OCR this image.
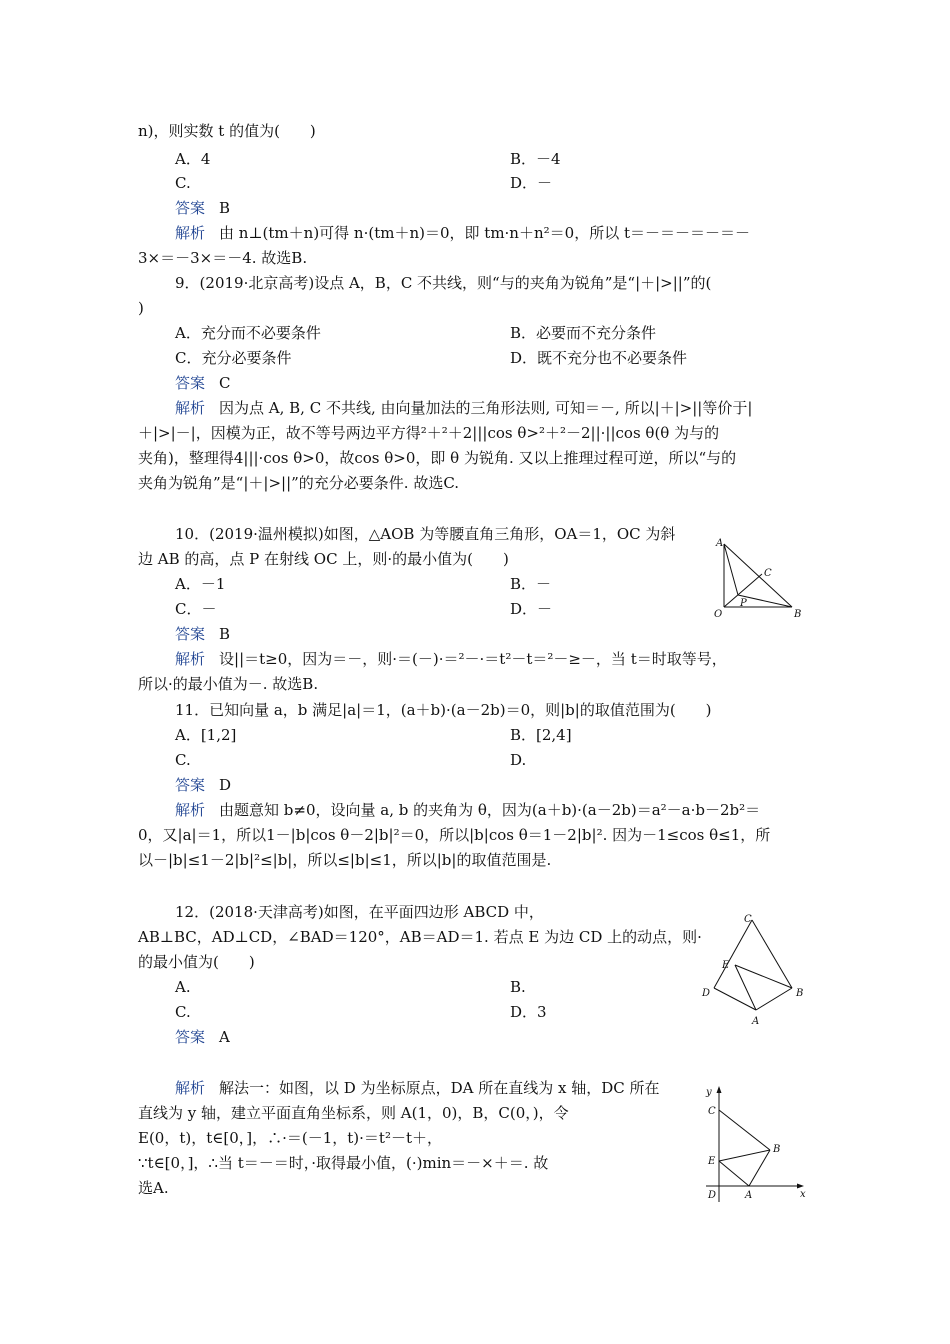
n)，则实数 t 的值为(　　)
A．4	B．－4
C.	D．－
答案 B
解析 由 n⊥(tm＋n)可得 n·(tm＋n)＝0，即 tm·n＋n²＝0，所以 t＝－＝－＝－＝－
3×＝－3×＝－4. 故选B.
9．(2019·北京高考)设点 A，B，C 不共线，则“与的夹角为锐角”是“|＋|>||”的(
)
A．充分而不必要条件	B．必要而不充分条件
C．充分必要条件	D．既不充分也不必要条件
答案 C
解析 因为点 A, B, C 不共线, 由向量加法的三角形法则, 可知＝－, 所以|＋|>||等价于|
＋|>|－|，因模为正，故不等号两边平方得²＋²＋2|||cos θ>²＋²－2||·||cos θ(θ 为与的
夹角)，整理得4|||·cos θ>0，故cos θ>0，即 θ 为锐角. 又以上推理过程可逆，所以“与的
夹角为锐角”是“|＋|>||”的充分必要条件. 故选C.
10．(2019·温州模拟)如图，△AOB 为等腰直角三角形，OA＝1，OC 为斜
边 AB 的高，点 P 在射线 OC 上，则·的最小值为(　　)
A．－1	B．－
C．－	D．－
答案 B
解析 设||＝t≥0，因为＝－，则·＝(－)·＝²－·＝t²－t＝²－≥－，当 t＝时取等号，
所以·的最小值为－. 故选B.
A
C
P
O	B
11．已知向量 a，b 满足|a|＝1，(a＋b)·(a－2b)＝0，则|b|的取值范围为(　　)
A．[1,2]	B．[2,4]
C.	D.
答案 D
解析 由题意知 b≠0，设向量 a, b 的夹角为 θ，因为(a＋b)·(a－2b)＝a²－a·b－2b²＝
0，又|a|＝1，所以1－|b|cos θ－2|b|²＝0，所以|b|cos θ＝1－2|b|². 因为－1≤cos θ≤1，所
以－|b|≤1－2|b|²≤|b|，所以≤|b|≤1，所以|b|的取值范围是.
12．(2018·天津高考)如图，在平面四边形 ABCD 中，
AB⊥BC，AD⊥CD，∠BAD＝120°，AB＝AD＝1. 若点 E 为边 CD 上的动点，则·
的最小值为(　　)
A.	B.
C.	D．3
答案 A
解析 解法一：如图，以 D 为坐标原点，DA 所在直线为 x 轴，DC 所在
直线为 y 轴，建立平面直角坐标系，则 A(1，0)，B，C(0，)，令
E(0，t)，t∈[0，]，∴·＝(－1，t)·＝t²－t＋，
∵t∈[0，]，∴当 t＝－＝时，·取得最小值，(·)min＝－×＋＝. 故
选A.
C
E
D	B
A
y
C
B
E
D	A	x
